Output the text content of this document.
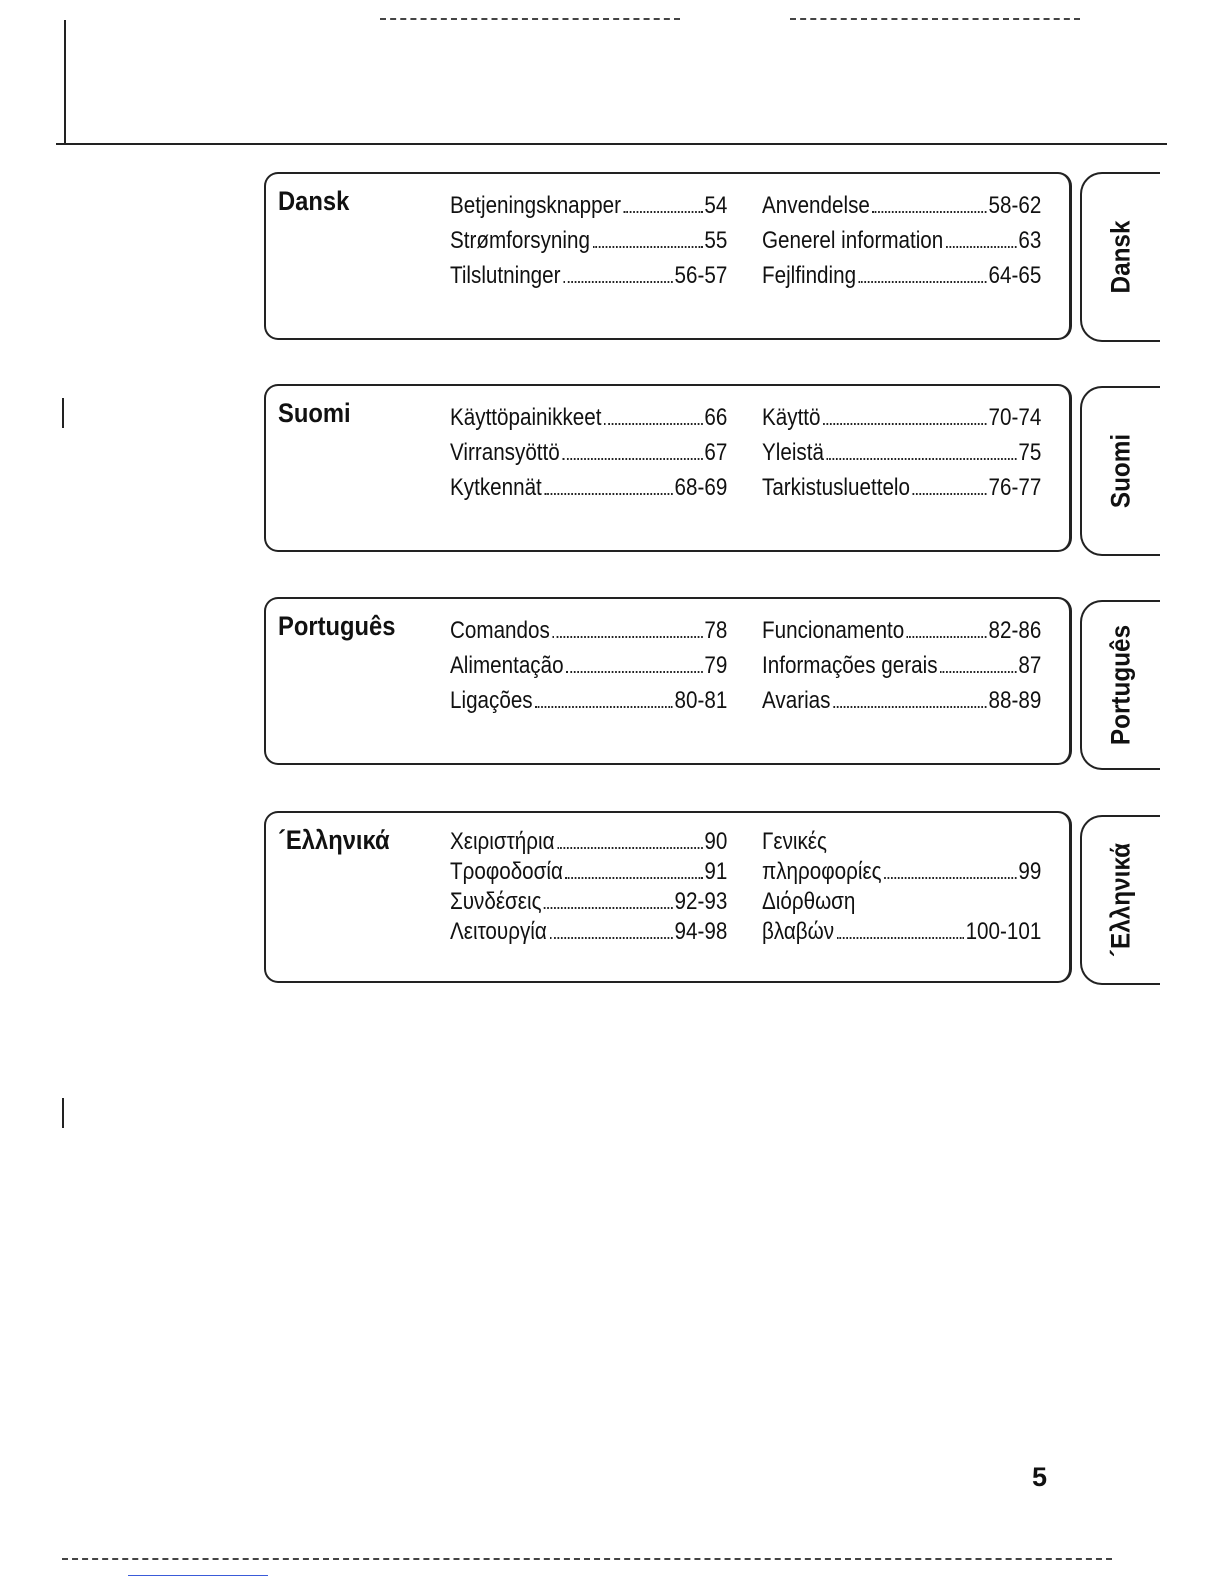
Dansk	Betjeningsknapper	54
Strømforsyning	55
Tilslutninger	56-57
Anvendelse	58-62
Generel information	63
Fejlfinding	64-65 Dansk
Suomi	Käyttöpainikkeet	66
Virransyöttö	67
Kytkennät	68-69
Käyttö	70-74
Yleistä	75
Tarkistusluettelo	76-77 Suomi
Português Comandos	78
Alimentação	79
Ligações	80-81
Funcionamento	82-86
Informações gerais	87
Avarias	88-89 Português
´Ελληνικά	Χειριστήρια	90
Τροφοδοσία	91
Συνδέσεις	92-93
Λειτουργία	94-98
Γενικές
πληροφορίες	99
Διόρθωση
βλαβών	100-101 ´Ελληνικά
5
